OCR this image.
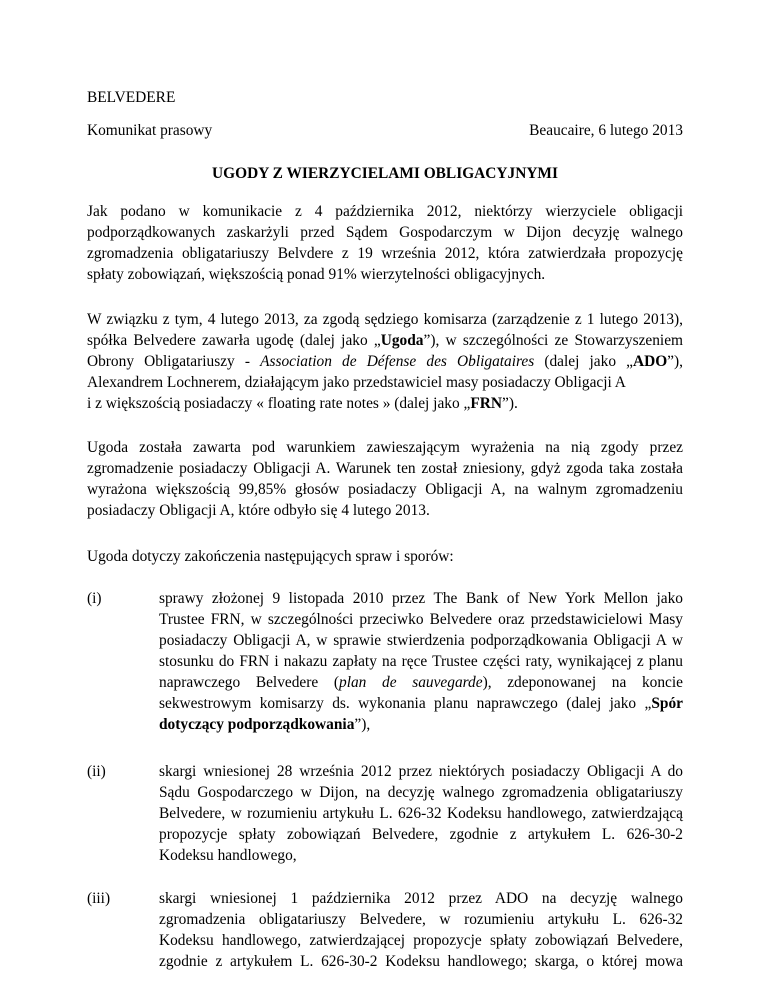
BELVEDERE
Komunikat prasowy	Beaucaire, 6 lutego 2013
UGODY Z WIERZYCIELAMI OBLIGACYJNYMI
Jak podano w komunikacie z 4 października 2012, niektórzy wierzyciele obligacji
podporządkowanych zaskarżyli przed Sądem Gospodarczym w Dijon decyzję walnego
zgromadzenia obligatariuszy Belvdere z 19 września 2012, która zatwierdzała propozycję
spłaty zobowiązań, większością ponad 91% wierzytelności obligacyjnych.
W związku z tym, 4 lutego 2013, za zgodą sędziego komisarza (zarządzenie z 1 lutego 2013),
spółka Belvedere zawarła ugodę (dalej jako „Ugoda”), w szczególności ze Stowarzyszeniem
Obrony Obligatariuszy - Association de Défense des Obligataires (dalej jako „ADO”),
Alexandrem Lochnerem, działającym jako przedstawiciel masy posiadaczy Obligacji A
i z większością posiadaczy « floating rate notes » (dalej jako „FRN”).
Ugoda została zawarta pod warunkiem zawieszającym wyrażenia na nią zgody przez
zgromadzenie posiadaczy Obligacji A. Warunek ten został zniesiony, gdyż zgoda taka została
wyrażona większością 99,85% głosów posiadaczy Obligacji A, na walnym zgromadzeniu
posiadaczy Obligacji A, które odbyło się 4 lutego 2013.
Ugoda dotyczy zakończenia następujących spraw i sporów:
(i)	sprawy złożonej 9 listopada 2010 przez The Bank of New York Mellon jako
Trustee FRN, w szczególności przeciwko Belvedere oraz przedstawicielowi Masy
posiadaczy Obligacji A, w sprawie stwierdzenia podporządkowania Obligacji A w
stosunku do FRN i nakazu zapłaty na ręce Trustee części raty, wynikającej z planu
naprawczego Belvedere (plan de sauvegarde), zdeponowanej na koncie
sekwestrowym komisarzy ds. wykonania planu naprawczego (dalej jako „Spór
dotyczący podporządkowania”),
(ii)	skargi wniesionej 28 września 2012 przez niektórych posiadaczy Obligacji A do
Sądu Gospodarczego w Dijon, na decyzję walnego zgromadzenia obligatariuszy
Belvedere, w rozumieniu artykułu L. 626-32 Kodeksu handlowego, zatwierdzającą
propozycje spłaty zobowiązań Belvedere, zgodnie z artykułem L. 626-30-2
Kodeksu handlowego,
(iii)	skargi wniesionej 1 października 2012 przez ADO na decyzję walnego
zgromadzenia obligatariuszy Belvedere, w rozumieniu artykułu L. 626-32
Kodeksu handlowego, zatwierdzającej propozycje spłaty zobowiązań Belvedere,
zgodnie z artykułem L. 626-30-2 Kodeksu handlowego; skarga, o której mowa
